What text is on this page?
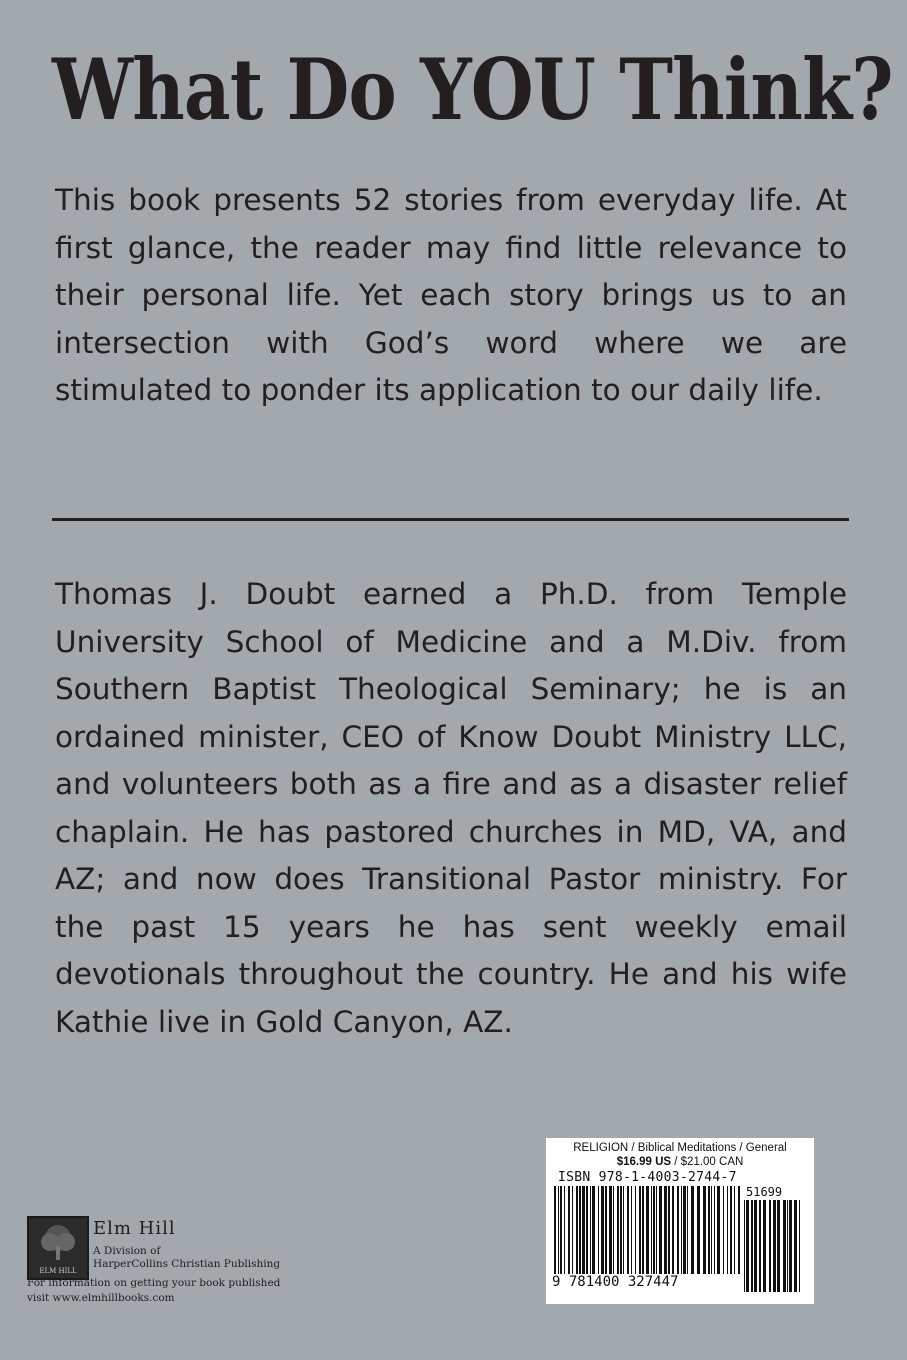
What Do YOU Think?

This book presents 52 stories from everyday life. At first glance, the reader may find little relevance to their personal life. Yet each story brings us to an intersection with God’s word where we are stimulated to ponder its application to our daily life.

Thomas J. Doubt earned a Ph.D. from Temple University School of Medicine and a M.Div. from Southern Baptist Theological Seminary; he is an ordained minister, CEO of Know Doubt Ministry LLC, and volunteers both as a fire and as a disaster relief chaplain. He has pastored churches in MD, VA, and AZ; and now does Transitional Pastor ministry. For the past 15 years he has sent weekly email devotionals throughout the country. He and his wife Kathie live in Gold Canyon, AZ.

ELM HILL
Elm Hill
A Division of
HarperCollins Christian Publishing
For information on getting your book published
visit www.elmhillbooks.com
RELIGION / Biblical Meditations / General
$16.99 US / $21.00 CAN
ISBN 978-1-4003-2744-7
51699
9 781400 327447
